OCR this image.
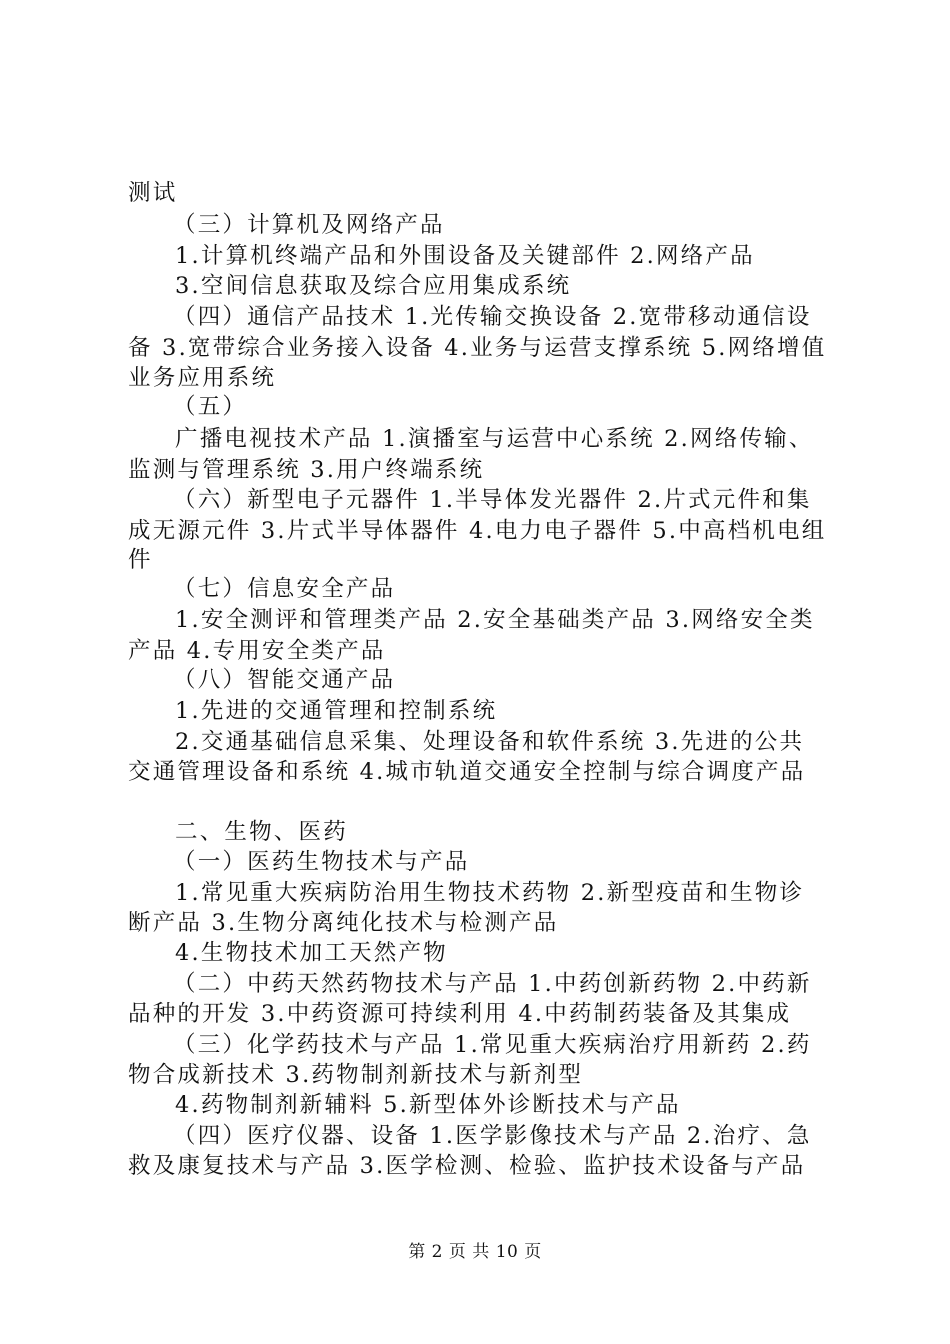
测试
（三）计算机及网络产品
1.计算机终端产品和外围设备及关键部件 2.网络产品
3.空间信息获取及综合应用集成系统
（四）通信产品技术 1.光传输交换设备 2.宽带移动通信设
备 3.宽带综合业务接入设备 4.业务与运营支撑系统 5.网络增值
业务应用系统
（五）
广播电视技术产品 1.演播室与运营中心系统 2.网络传输、
监测与管理系统 3.用户终端系统
（六）新型电子元器件 1.半导体发光器件 2.片式元件和集
成无源元件 3.片式半导体器件 4.电力电子器件 5.中高档机电组
件
（七）信息安全产品
1.安全测评和管理类产品 2.安全基础类产品 3.网络安全类
产品 4.专用安全类产品
（八）智能交通产品
1.先进的交通管理和控制系统
2.交通基础信息采集、处理设备和软件系统 3.先进的公共
交通管理设备和系统 4.城市轨道交通安全控制与综合调度产品
二、生物、医药
（一）医药生物技术与产品
1.常见重大疾病防治用生物技术药物 2.新型疫苗和生物诊
断产品 3.生物分离纯化技术与检测产品
4.生物技术加工天然产物
（二）中药天然药物技术与产品 1.中药创新药物 2.中药新
品种的开发 3.中药资源可持续利用 4.中药制药装备及其集成
（三）化学药技术与产品 1.常见重大疾病治疗用新药 2.药
物合成新技术 3.药物制剂新技术与新剂型
4.药物制剂新辅料 5.新型体外诊断技术与产品
（四）医疗仪器、设备 1.医学影像技术与产品 2.治疗、急
救及康复技术与产品 3.医学检测、检验、监护技术设备与产品
第 2 页 共 10 页
